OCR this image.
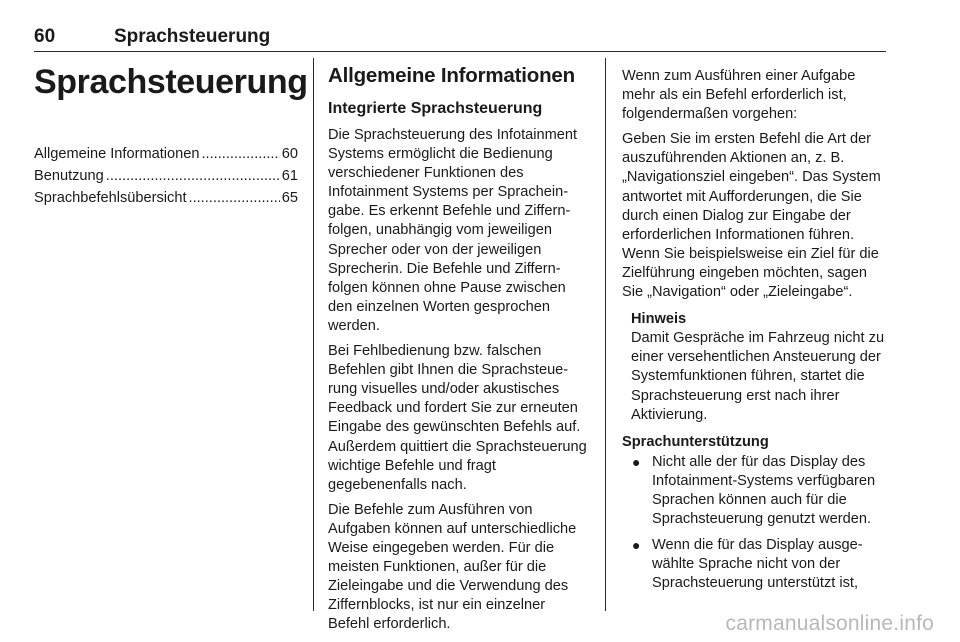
60	Sprachsteuerung
Sprachsteuerung
Allgemeine Informationen .....	60
Benutzung .....	61
Sprachbefehlsübersicht .....	65
Allgemeine Informationen
Integrierte Sprachsteuerung

Die Sprachsteuerung des Infotainment Systems ermöglicht die Bedienung verschiedener Funktionen des Infotainment Systems per Spracheingabe. Es erkennt Befehle und Ziffernfolgen, unabhängig vom jeweiligen Sprecher oder von der jeweiligen Sprecherin. Die Befehle und Ziffernfolgen können ohne Pause zwischen den einzelnen Worten gesprochen werden.

Bei Fehlbedienung bzw. falschen Befehlen gibt Ihnen die Sprachsteuerung visuelles und/oder akustisches Feedback und fordert Sie zur erneuten Eingabe des gewünschten Befehls auf. Außerdem quittiert die Sprachsteuerung wichtige Befehle und fragt gegebenenfalls nach.

Die Befehle zum Ausführen von Aufgaben können auf unterschiedliche Weise eingegeben werden. Für die meisten Funktionen, außer für die Zieleingabe und die Verwendung des Ziffernblocks, ist nur ein einzelner Befehl erforderlich.

Wenn zum Ausführen einer Aufgabe mehr als ein Befehl erforderlich ist, folgendermaßen vorgehen:

Geben Sie im ersten Befehl die Art der auszuführenden Aktionen an, z. B. „Navigationsziel eingeben“. Das System antwortet mit Aufforderungen, die Sie durch einen Dialog zur Eingabe der erforderlichen Informationen führen. Wenn Sie beispielsweise ein Ziel für die Zielführung eingeben möchten, sagen Sie „Navigation“ oder „Zieleingabe“.

Hinweis
Damit Gespräche im Fahrzeug nicht zu einer versehentlichen Ansteuerung der Systemfunktionen führen, startet die Sprachsteuerung erst nach ihrer Aktivierung.
Sprachunterstützung
● Nicht alle der für das Display des Infotainment-Systems verfügbaren Sprachen können auch für die Sprachsteuerung genutzt werden.
● Wenn die für das Display ausgewählte Sprache nicht von der Sprachsteuerung unterstützt ist,
carmanualsonline.info
